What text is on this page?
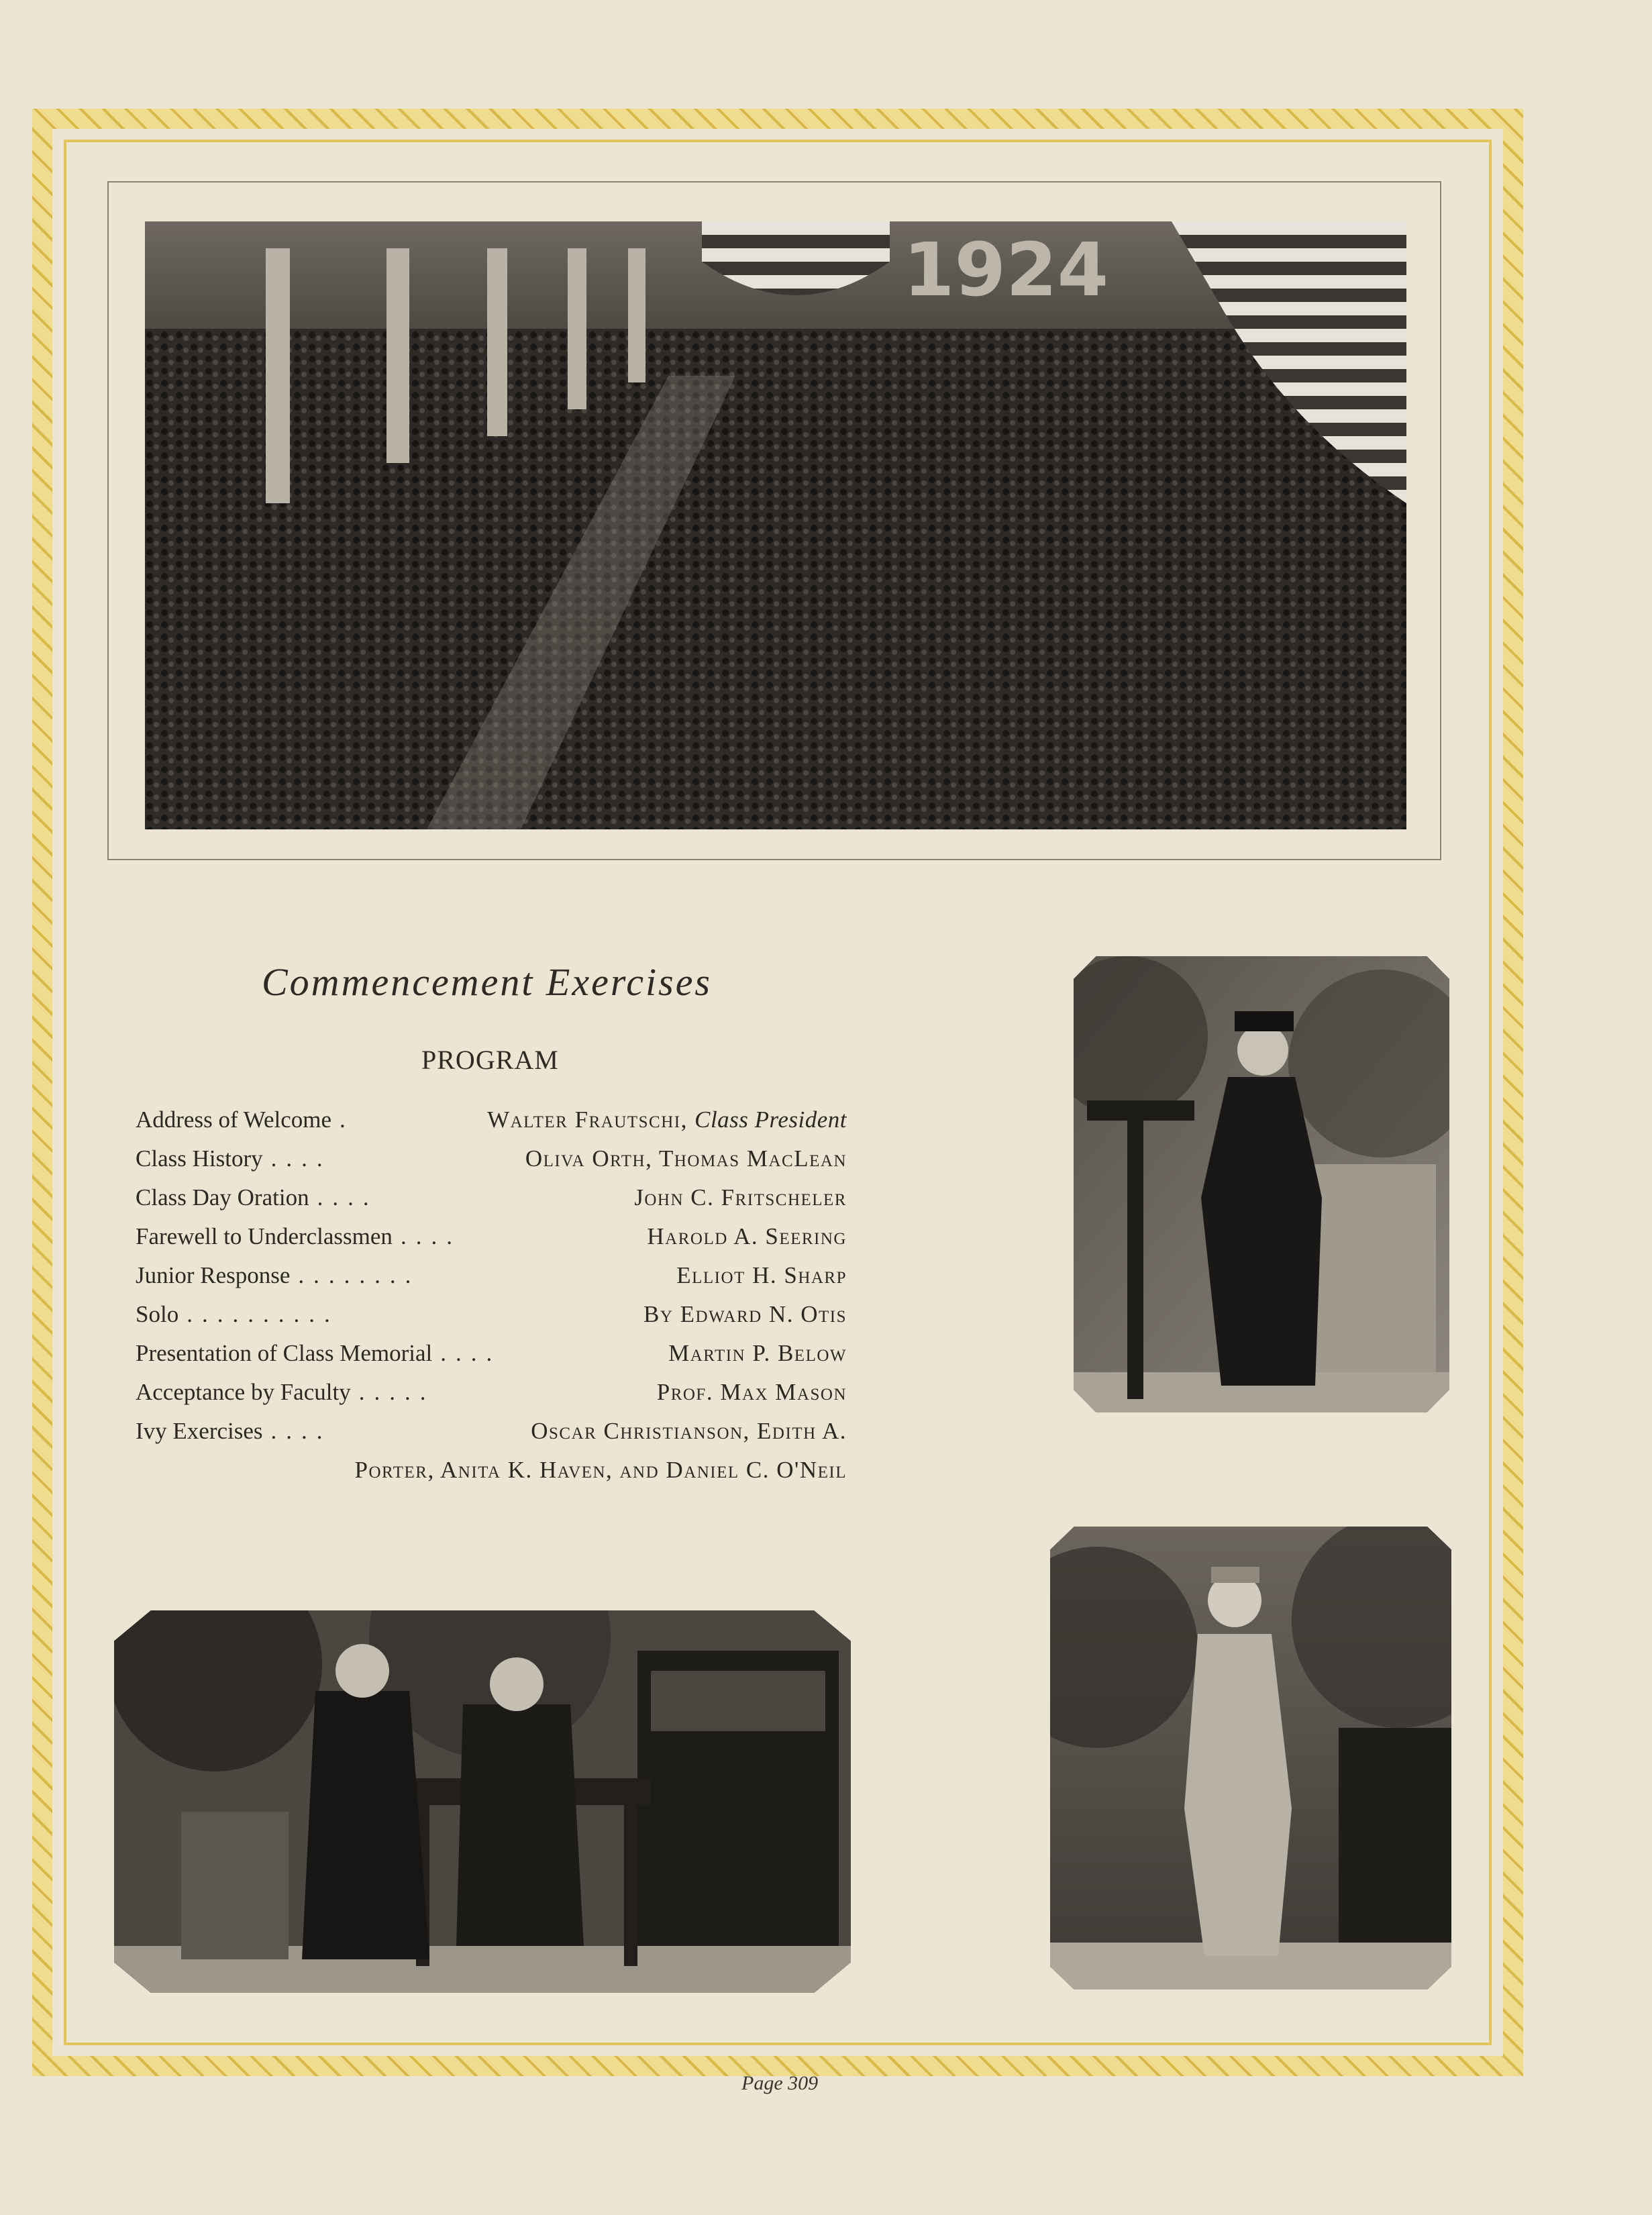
1924
Commencement Exercises
PROGRAM
Address of Welcome .	Walter Frautschi, Class President
Class History ....	Oliva Orth, Thomas MacLean
Class Day Oration ....	John C. Fritscheler
Farewell to Underclassmen ....	Harold A. Seering
Junior Response ........	Elliot H. Sharp
Solo ..........	By Edward N. Otis
Presentation of Class Memorial ....	Martin P. Below
Acceptance by Faculty .....	Prof. Max Mason
Ivy Exercises ....	Oscar Christianson, Edith A.
Porter, Anita K. Haven, and Daniel C. O'Neil
Page 309
